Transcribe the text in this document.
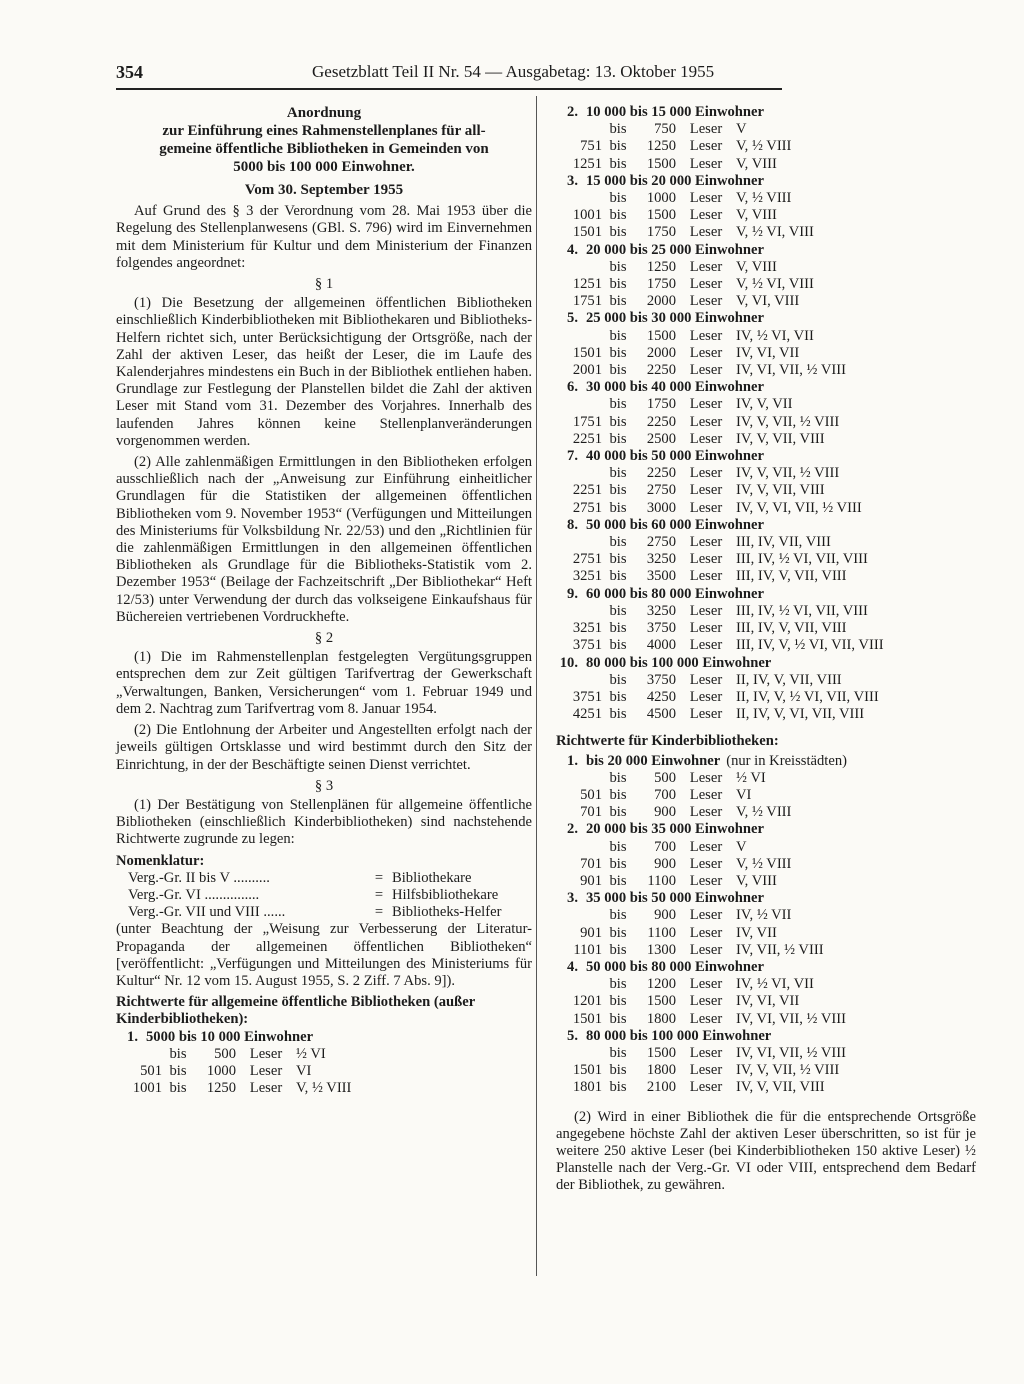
354	Gesetzblatt Teil II Nr. 54 — Ausgabetag: 13. Oktober 1955
Anordnung
zur Einführung eines Rahmenstellenplanes für all-
gemeine öffentliche Bibliotheken in Gemeinden von
5000 bis 100 000 Einwohner.
Vom 30. September 1955

Auf Grund des § 3 der Verordnung vom 28. Mai 1953 über die Regelung des Stellenplanwesens (GBl. S. 796) wird im Einvernehmen mit dem Ministerium für Kultur und dem Ministerium der Finanzen folgendes angeordnet:

§ 1

(1) Die Besetzung der allgemeinen öffentlichen Bibliotheken einschließlich Kinderbibliotheken mit Bibliothekaren und Bibliotheks-Helfern richtet sich, unter Berücksichtigung der Ortsgröße, nach der Zahl der aktiven Leser, das heißt der Leser, die im Laufe des Kalenderjahres mindestens ein Buch in der Bibliothek entliehen haben. Grundlage zur Festlegung der Planstellen bildet die Zahl der aktiven Leser mit Stand vom 31. Dezember des Vorjahres. Innerhalb des laufenden Jahres können keine Stellenplanveränderungen vorgenommen werden.

(2) Alle zahlenmäßigen Ermittlungen in den Bibliotheken erfolgen ausschließlich nach der „Anweisung zur Einführung einheitlicher Grundlagen für die Statistiken der allgemeinen öffentlichen Bibliotheken vom 9. November 1953“ (Verfügungen und Mitteilungen des Ministeriums für Volksbildung Nr. 22/53) und den „Richtlinien für die zahlenmäßigen Ermittlungen in den allgemeinen öffentlichen Bibliotheken als Grundlage für die Bibliotheks-Statistik vom 2. Dezember 1953“ (Beilage der Fachzeitschrift „Der Bibliothekar“ Heft 12/53) unter Verwendung der durch das volkseigene Einkaufshaus für Büchereien vertriebenen Vordruckhefte.

§ 2

(1) Die im Rahmenstellenplan festgelegten Vergütungsgruppen entsprechen dem zur Zeit gültigen Tarifvertrag der Gewerkschaft „Verwaltungen, Banken, Versicherungen“ vom 1. Februar 1949 und dem 2. Nachtrag zum Tarifvertrag vom 8. Januar 1954.

(2) Die Entlohnung der Arbeiter und Angestellten erfolgt nach der jeweils gültigen Ortsklasse und wird bestimmt durch den Sitz der Einrichtung, in der der Beschäftigte seinen Dienst verrichtet.

§ 3

(1) Der Bestätigung von Stellenplänen für allgemeine öffentliche Bibliotheken (einschließlich Kinderbibliotheken) sind nachstehende Richtwerte zugrunde zu legen:

Nomenklatur:
Verg.-Gr. II bis V ..........	= Bibliothekare
Verg.-Gr. VI ...............	= Hilfsbibliothekare
Verg.-Gr. VII und VIII ......	= Bibliotheks-Helfer

(unter Beachtung der „Weisung zur Verbesserung der Literatur-Propaganda der allgemeinen öffentlichen Bibliotheken“ [veröffentlicht: „Verfügungen und Mitteilungen des Ministeriums für Kultur“ Nr. 12 vom 15. August 1955, S. 2 Ziff. 7 Abs. 9]).

Richtwerte für allgemeine öffentliche Bibliotheken (außer Kinderbibliotheken):
1. 5000 bis 10 000 Einwohner
bis	500 Leser ½ VI
501 bis	1000 Leser VI
1001 bis	1250 Leser V, ½ VIII
2. 10 000 bis 15 000 Einwohner
bis	750 Leser V
751 bis	1250 Leser V, ½ VIII
1251 bis	1500 Leser V, VIII
3. 15 000 bis 20 000 Einwohner
bis	1000 Leser V, ½ VIII
1001 bis	1500 Leser V, VIII
1501 bis	1750 Leser V, ½ VI, VIII
4. 20 000 bis 25 000 Einwohner
bis	1250 Leser V, VIII
1251 bis	1750 Leser V, ½ VI, VIII
1751 bis	2000 Leser V, VI, VIII
5. 25 000 bis 30 000 Einwohner
bis	1500 Leser IV, ½ VI, VII
1501 bis	2000 Leser IV, VI, VII
2001 bis	2250 Leser IV, VI, VII, ½ VIII
6. 30 000 bis 40 000 Einwohner
bis	1750 Leser IV, V, VII
1751 bis	2250 Leser IV, V, VII, ½ VIII
2251 bis	2500 Leser IV, V, VII, VIII
7. 40 000 bis 50 000 Einwohner
bis	2250 Leser IV, V, VII, ½ VIII
2251 bis	2750 Leser IV, V, VII, VIII
2751 bis	3000 Leser IV, V, VI, VII, ½ VIII
8. 50 000 bis 60 000 Einwohner
bis	2750 Leser III, IV, VII, VIII
2751 bis	3250 Leser III, IV, ½ VI, VII, VIII
3251 bis	3500 Leser III, IV, V, VII, VIII
9. 60 000 bis 80 000 Einwohner
bis	3250 Leser III, IV, ½ VI, VII, VIII
3251 bis	3750 Leser III, IV, V, VII, VIII
3751 bis	4000 Leser III, IV, V, ½ VI, VII, VIII
10. 80 000 bis 100 000 Einwohner
bis	3750 Leser II, IV, V, VII, VIII
3751 bis	4250 Leser II, IV, V, ½ VI, VII, VIII
4251 bis	4500 Leser II, IV, V, VI, VII, VIII
Richtwerte für Kinderbibliotheken:
1. bis 20 000 Einwohner (nur in Kreisstädten)
bis	500 Leser ½ VI
501 bis	700 Leser VI
701 bis	900 Leser V, ½ VIII
2. 20 000 bis 35 000 Einwohner
bis	700 Leser V
701 bis	900 Leser V, ½ VIII
901 bis	1100 Leser V, VIII
3. 35 000 bis 50 000 Einwohner
bis	900 Leser IV, ½ VII
901 bis	1100 Leser IV, VII
1101 bis	1300 Leser IV, VII, ½ VIII
4. 50 000 bis 80 000 Einwohner
bis	1200 Leser IV, ½ VI, VII
1201 bis	1500 Leser IV, VI, VII
1501 bis	1800 Leser IV, VI, VII, ½ VIII
5. 80 000 bis 100 000 Einwohner
bis	1500 Leser IV, VI, VII, ½ VIII
1501 bis	1800 Leser IV, V, VII, ½ VIII
1801 bis	2100 Leser IV, V, VII, VIII

(2) Wird in einer Bibliothek die für die entsprechende Ortsgröße angegebene höchste Zahl der aktiven Leser überschritten, so ist für je weitere 250 aktive Leser (bei Kinderbibliotheken 150 aktive Leser) ½ Planstelle nach der Verg.-Gr. VI oder VIII, entsprechend dem Bedarf der Bibliothek, zu gewähren.
